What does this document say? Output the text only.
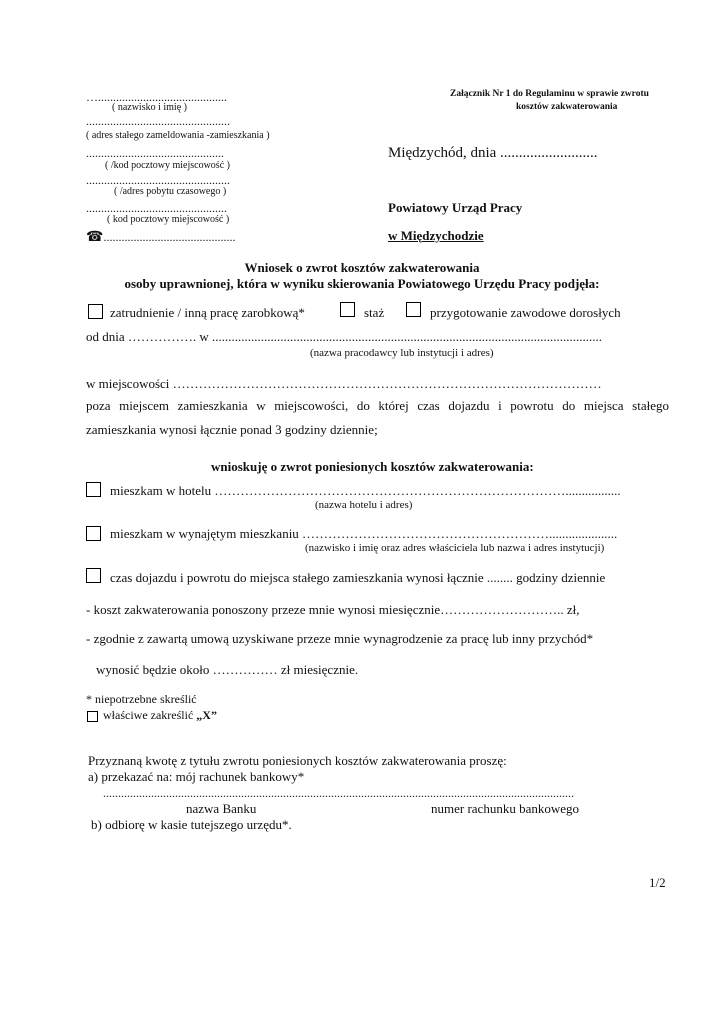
…...........................................
( nazwisko i imię )
................................................
( adres stałego zameldowania -zamieszkania )
..............................................
( /kod pocztowy miejscowość )
................................................
( /adres pobytu czasowego )
...............................................
( kod pocztowy miejscowość )
☎............................................
Załącznik Nr 1 do Regulaminu w sprawie zwrotu
kosztów zakwaterowania
Międzychód, dnia ..........................
Powiatowy Urząd Pracy
w Międzychodzie
Wniosek o zwrot kosztów zakwaterowania
osoby uprawnionej, która w wyniku skierowania Powiatowego Urzędu Pracy podjęła:
zatrudnienie / inną pracę zarobkową*	staż	przygotowanie zawodowe dorosłych
od dnia ……………. w ........................................................................................................................
(nazwa pracodawcy lub instytucji i adres)
w miejscowości ………………………………………………………………………………………
poza miejscem zamieszkania w miejscowości, do której czas dojazdu i powrotu do miejsca stałego
zamieszkania wynosi łącznie ponad 3 godziny dziennie;
wnioskuję o zwrot poniesionych kosztów zakwaterowania:
mieszkam w hotelu ……………………………………………………………………….................
(nazwa hotelu i adres)
mieszkam w wynajętym mieszkaniu ………………………………………………….....................
(nazwisko i imię oraz adres właściciela lub nazwa i adres instytucji)
czas dojazdu i powrotu do miejsca stałego zamieszkania wynosi łącznie ........ godziny dziennie
- koszt zakwaterowania ponoszony przeze mnie wynosi miesięcznie……………………….. zł,
- zgodnie z zawartą umową uzyskiwane przeze mnie wynagrodzenie za pracę lub inny przychód*
wynosić będzie około …………… zł miesięcznie.
* niepotrzebne skreślić
właściwe zakreślić „X”
Przyznaną kwotę z tytułu zwrotu poniesionych kosztów zakwaterowania proszę:
a) przekazać na: mój rachunek bankowy*
.............................................................................................................................................................
nazwa Banku	numer rachunku bankowego
b) odbiorę w kasie tutejszego urzędu*.
1/2
